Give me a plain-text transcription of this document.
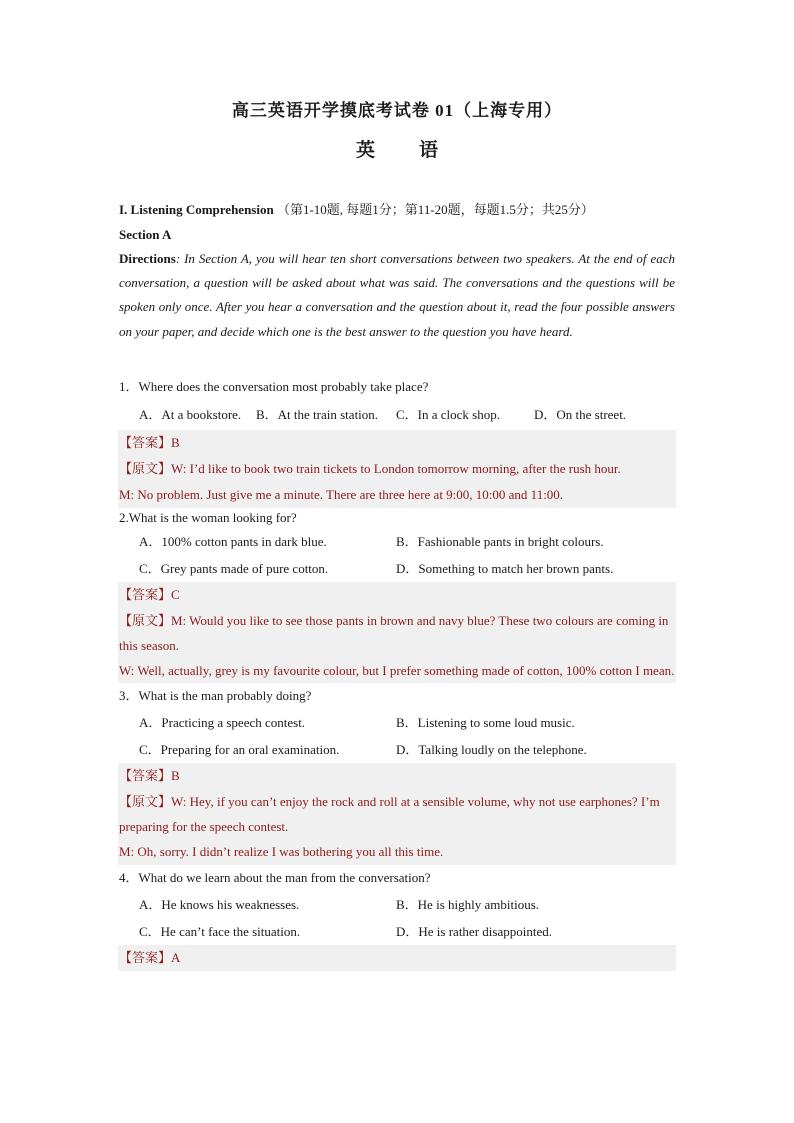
高三英语开学摸底考试卷 01（上海专用）
英语
I. Listening Comprehension （第1-10题, 每题1分；第11-20题，每题1.5分；共25分）
Section A
Directions: In Section A, you will hear ten short conversations between two speakers. At the end of each conversation, a question will be asked about what was said. The conversations and the questions will be spoken only once. After you hear a conversation and the question about it, read the four possible answers on your paper, and decide which one is the best answer to the question you have heard.
1．Where does the conversation most probably take place?
A．At a bookstore.	B．At the train station.	C．In a clock shop.	D．On the street.
【答案】B
【原文】W: I’d like to book two train tickets to London tomorrow morning, after the rush hour.
M: No problem. Just give me a minute. There are three here at 9:00, 10:00 and 11:00.
2.What is the woman looking for?
A．100% cotton pants in dark blue.	B．Fashionable pants in bright colours.
C．Grey pants made of pure cotton.	D．Something to match her brown pants.
【答案】C
【原文】M: Would you like to see those pants in brown and navy blue? These two colours are coming in this season.
W: Well, actually, grey is my favourite colour, but I prefer something made of cotton, 100% cotton I mean.
3．What is the man probably doing?
A．Practicing a speech contest.	B．Listening to some loud music.
C．Preparing for an oral examination.	D．Talking loudly on the telephone.
【答案】B
【原文】W: Hey, if you can’t enjoy the rock and roll at a sensible volume, why not use earphones? I’m preparing for the speech contest.
M: Oh, sorry. I didn’t realize I was bothering you all this time.
4．What do we learn about the man from the conversation?
A．He knows his weaknesses.	B．He is highly ambitious.
C．He can’t face the situation.	D．He is rather disappointed.
【答案】A
